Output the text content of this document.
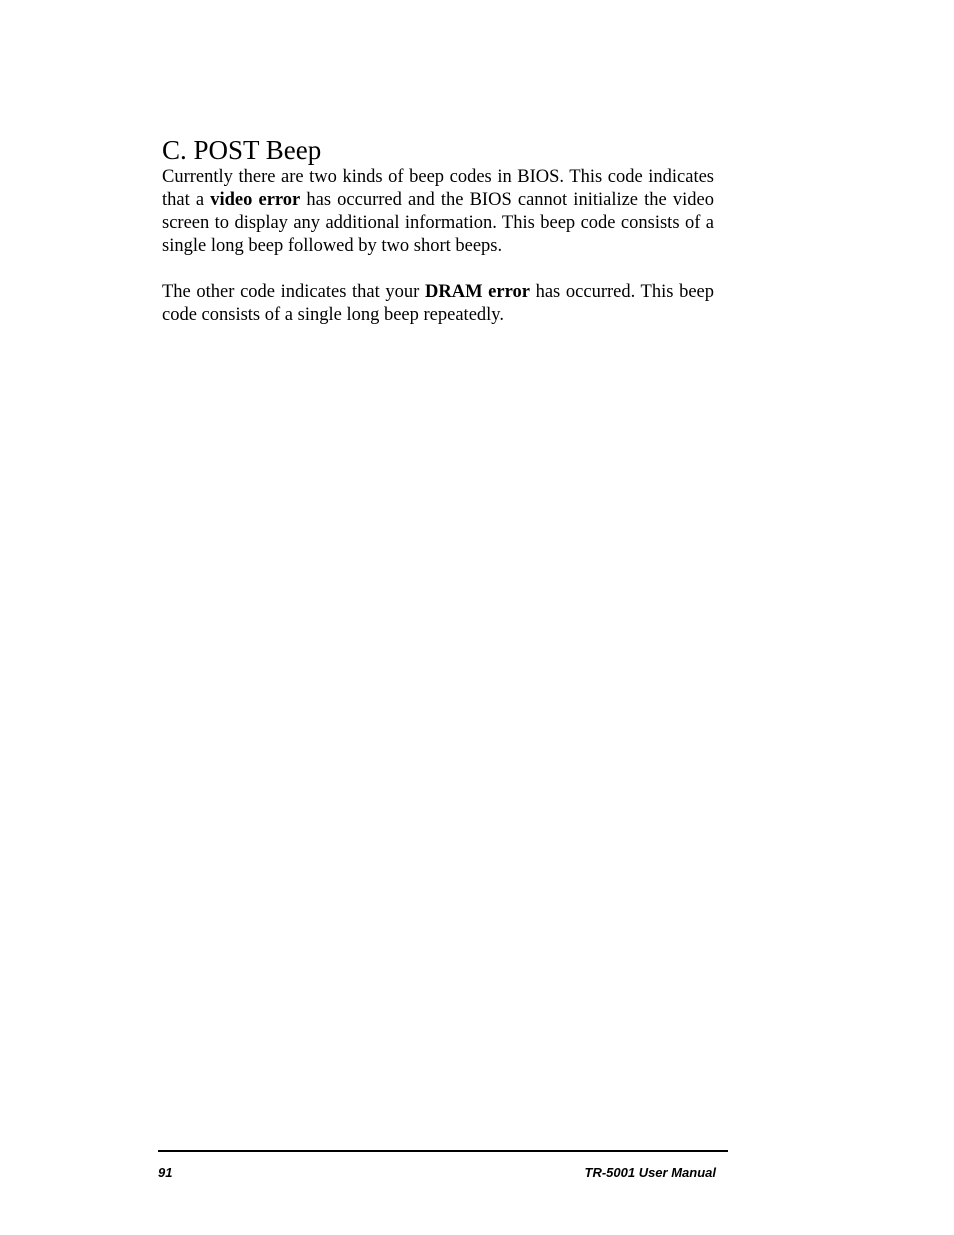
C. POST Beep

Currently there are two kinds of beep codes in BIOS. This code indicates that a video error has occurred and the BIOS cannot initialize the video screen to display any additional information. This beep code consists of a single long beep followed by two short beeps.

The other code indicates that your DRAM error has occurred. This beep code consists of a single long beep repeatedly.

91	TR-5001 User Manual
